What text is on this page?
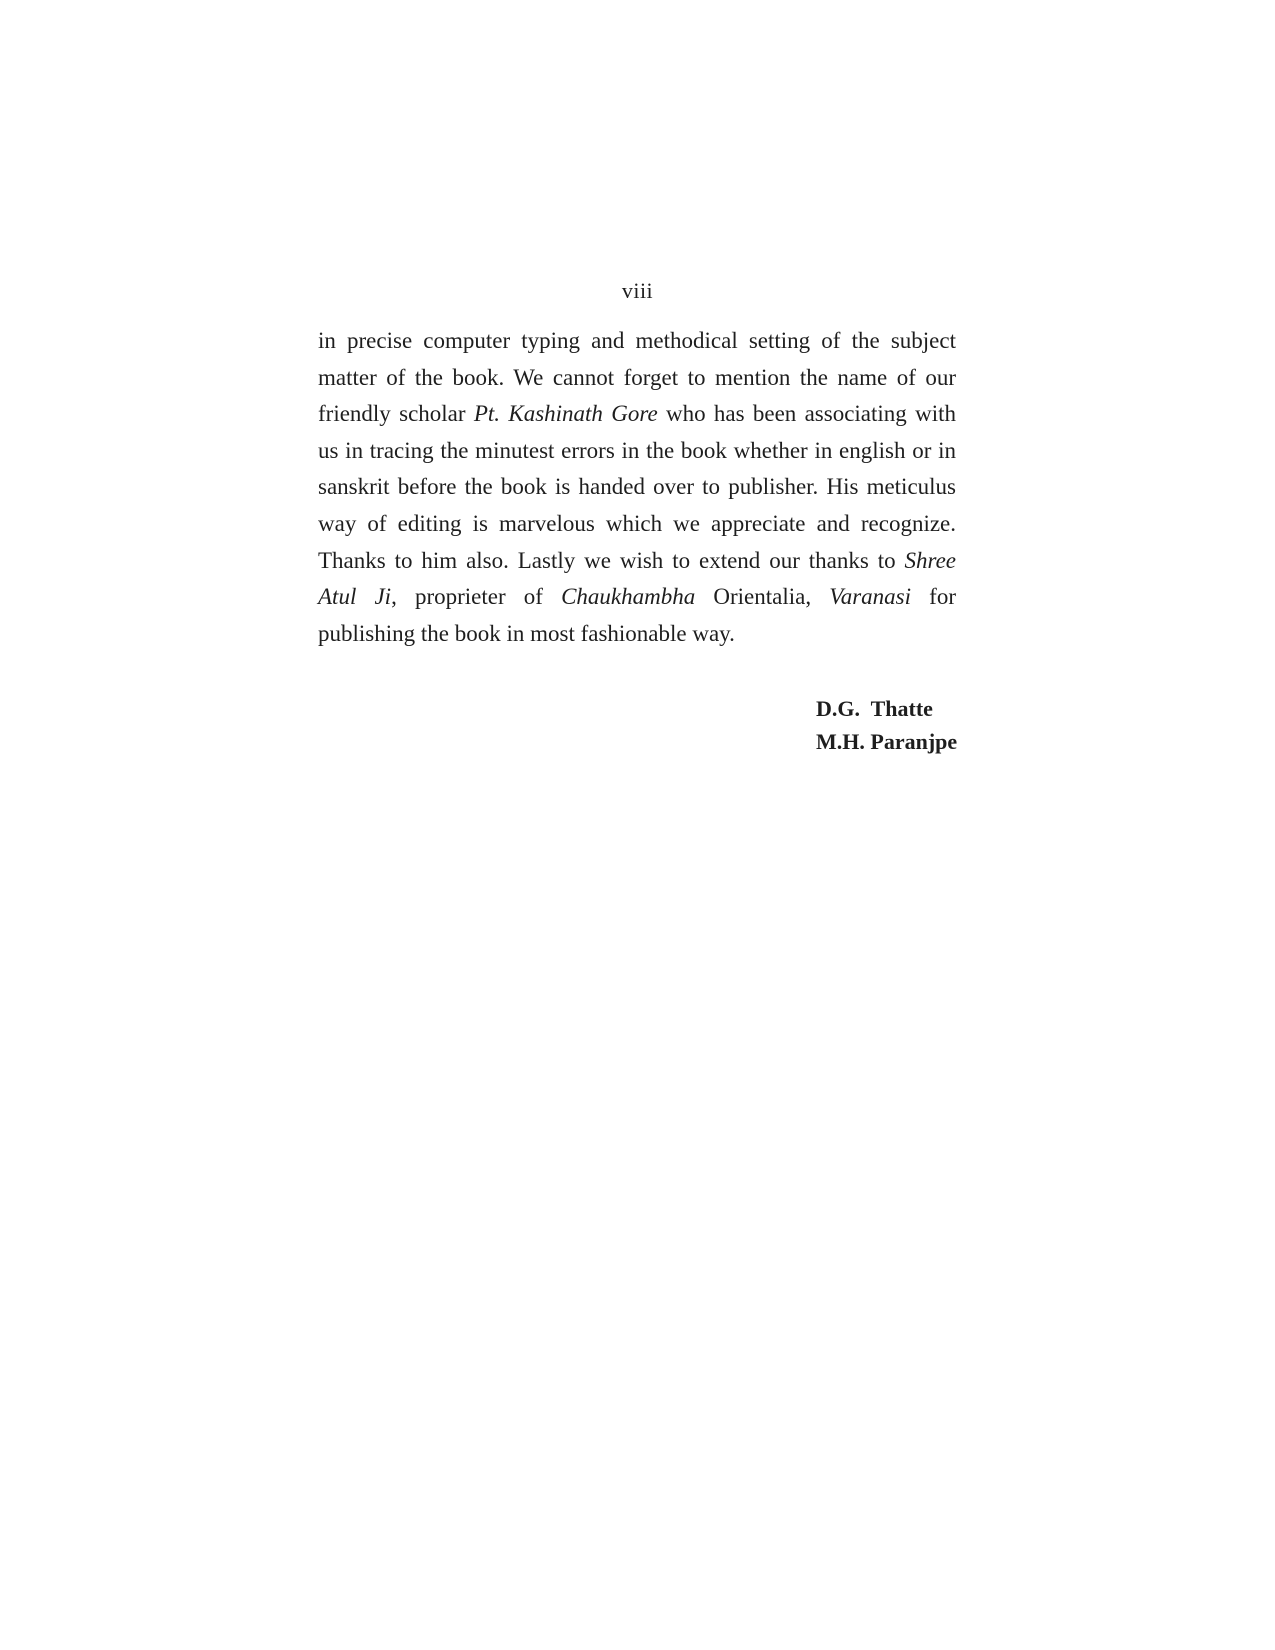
viii

in precise computer typing and methodical setting of the subject matter of the book. We cannot forget to mention the name of our friendly scholar Pt. Kashinath Gore who has been associating with us in tracing the minutest errors in the book whether in english or in sanskrit before the book is handed over to publisher. His meticulus way of editing is marvelous which we appreciate and recognize. Thanks to him also. Lastly we wish to extend our thanks to Shree Atul Ji, proprieter of Chaukhambha Orientalia, Varanasi for publishing the book in most fashionable way.

D.G.  Thatte
M.H. Paranjpe
